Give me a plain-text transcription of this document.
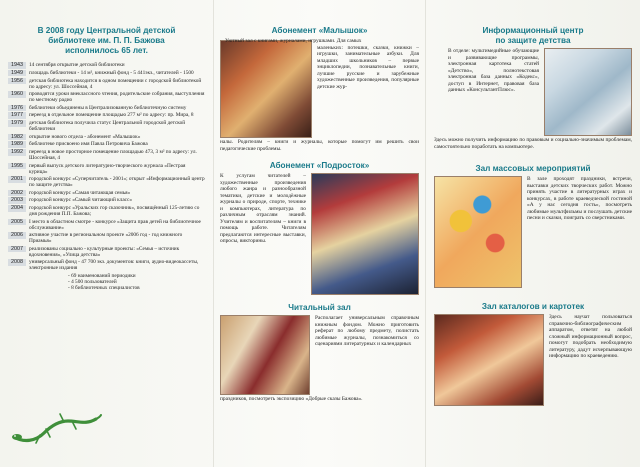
В 2008 году Центральной детской
библиотеке им. П. П. Бажова
исполнилось 65 лет.
1943	14 сентября открытие детской библиотеки
1949	площадь библиотеки - 14 м², книжный фонд - 5 441экз., читателей - 1500
1956	детская библиотека находится в одном помещении с городской библиотекой по адресу: ул. Шоссейная, 4
1960	проводятся уроки внеклассного чтения, родительские собрания, выступления по местному радио
1976	библиотеки объединены в Централизованную библиотечную систему
1977	переезд в отдельное помещение площадью 277 м² по адресу: пр. Мира, 8
1979	детская библиотека получила статус Центральной городской детской библиотеки
1982	открытие нового отдела - абонемент «Малышок»
1989	библиотеке присвоено имя Павла Петровича Бажова
1992	переезд в новое просторное помещение площадью 473, 3 м² по адресу: ул. Шоссейная, 4
1995	первый выпуск детского литературно-творческого журнала «Пестрая курица»
2001	городской конкурс «Суперчитатель - 2001»; открыт «Информационный центр по защите детства»
2002	городской конкурс «Самая читающая семья»
2003	городской конкурс «Самый читающий класс»
2004	городской конкурс «Уральских гор сказочник», посвящённый 125-летию со дня рождения П.П. Бажова;
2005	I место в областном смотре - конкурсе «Защита прав детей на библиотечное обслуживание»
2006	активное участие в региональном проекте «2006 год - год книжного Приамья»
2007	реализованы социально - культурные проекты: «Семья – источник вдохновения», «Улица детства»
2008	универсальный фонд - 47 700 экз. документов: книги, аудио-видеокассеты, электронные издания
- 69 наименований периодики
- 4 500 пользователей
- 8 библиотечных специалистов
Абонемент «Малышок»
Уютный зал с книгами, журналами, игрушками. Для самых
маленьких: потешки, сказки, книжки – игрушки, занимательные азбуки. Для младших школьников – первые энциклопедии, познавательные книги, лучшие русские и зарубежные художественные произведения, популярные детские жур-
налы. Родителям – книги и журналы, которые помогут им решить свои педагогические проблемы.
Абонемент «Подросток»
К услугам читателей – художественные произведения любого жанра и разнообразной тематики, детские и молодёжные журналы о природе, спорте, технике и компьютерах, литература по различным отраслям знаний. Учителям и воспитателям – книги в помощь работе. Читателям предлагаются интересные выставки, опросы, викторины.
Читальный зал
Располагает универсальным справочным книжным фондом. Можно приготовить реферат по любому предмету, полистать любимые журналы, познакомиться со сценариями литературных и календарных
праздников, посмотреть экспозицию «Добрые сказы Бажова».
Информационный центр
по защите детства
В отделе: мультимедийные обучающие и развивающие программы, электронная картотека статей «Детство», полнотекстовая электронная база данных «Кодекс», доступ в Интернет, правовая база данных «КонсультантПлюс».
Здесь можно получить информацию по правовым и социально-значимым проблемам, самостоятельно поработать на компьютере.
Зал массовых мероприятий
В зале проходят праздники, встречи, выставки детских творческих работ. Можно принять участие в литературных играх и конкурсах, в работе краеведческой гостиной «А у нас сегодня гость», посмотреть любимые мультфильмы и послушать детские песни и сказки, поиграть со сверстниками.
Зал каталогов и картотек
Здесь научат пользоваться справочно-библиографическим аппаратом, ответят на любой сложный информационный вопрос, помогут подобрать необходимую литературу, дадут исчерпывающую информацию по краеведению.
